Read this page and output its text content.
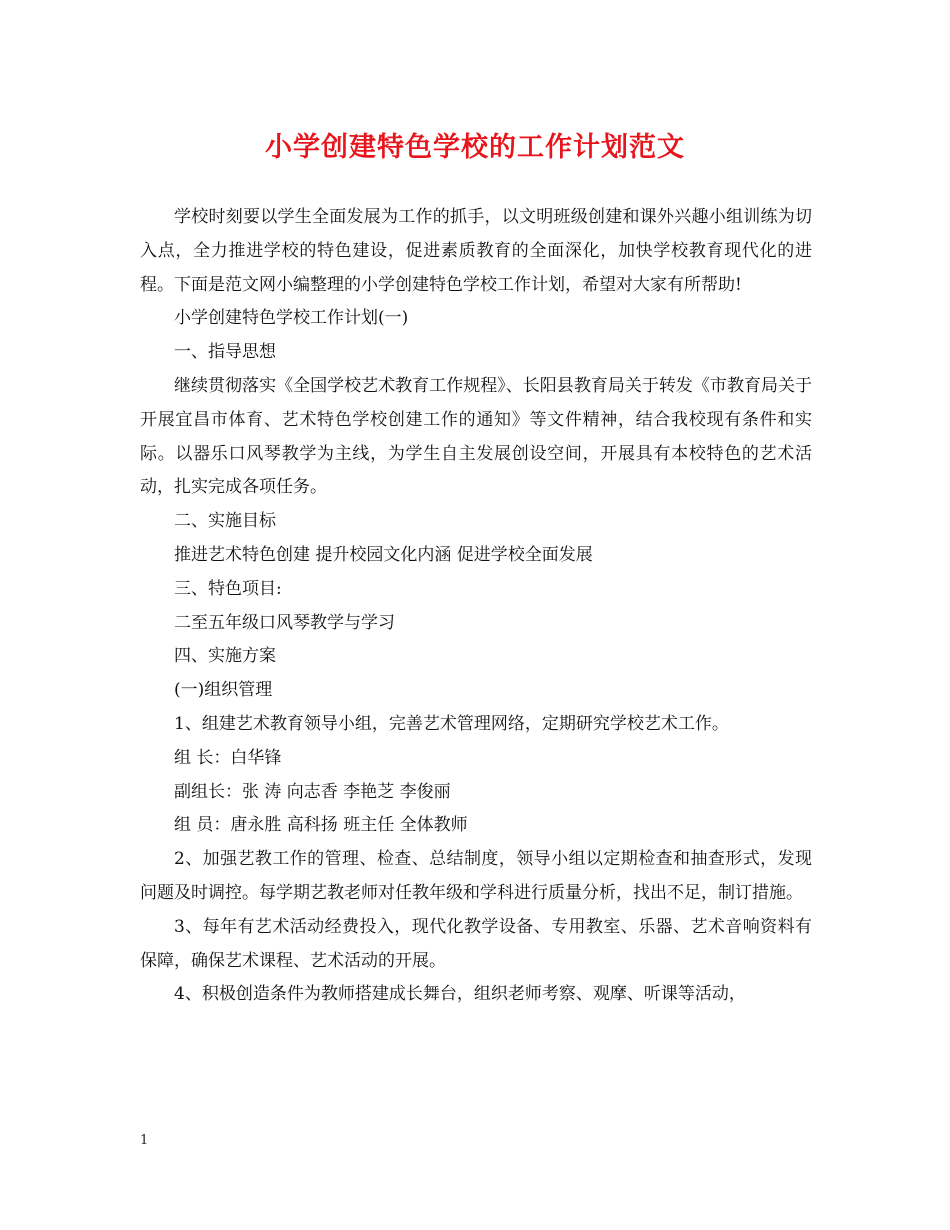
小学创建特色学校的工作计划范文

学校时刻要以学生全面发展为工作的抓手，以文明班级创建和课外兴趣小组训练为切入点，全力推进学校的特色建设，促进素质教育的全面深化，加快学校教育现代化的进程。下面是范文网小编整理的小学创建特色学校工作计划，希望对大家有所帮助!

小学创建特色学校工作计划(一)

一、指导思想

继续贯彻落实《全国学校艺术教育工作规程》、长阳县教育局关于转发《市教育局关于开展宜昌市体育、艺术特色学校创建工作的通知》等文件精神，结合我校现有条件和实际。以器乐口风琴教学为主线，为学生自主发展创设空间，开展具有本校特色的艺术活动，扎实完成各项任务。

二、实施目标

推进艺术特色创建 提升校园文化内涵 促进学校全面发展

三、特色项目:

二至五年级口风琴教学与学习

四、实施方案

(一)组织管理

1、组建艺术教育领导小组，完善艺术管理网络，定期研究学校艺术工作。

组 长：白华锋

副组长：张 涛 向志香 李艳芝 李俊丽

组 员：唐永胜 高科扬 班主任 全体教师

2、加强艺教工作的管理、检查、总结制度，领导小组以定期检查和抽查形式，发现问题及时调控。每学期艺教老师对任教年级和学科进行质量分析，找出不足，制订措施。

3、每年有艺术活动经费投入，现代化教学设备、专用教室、乐器、艺术音响资料有保障，确保艺术课程、艺术活动的开展。

4、积极创造条件为教师搭建成长舞台，组织老师考察、观摩、听课等活动，

1
